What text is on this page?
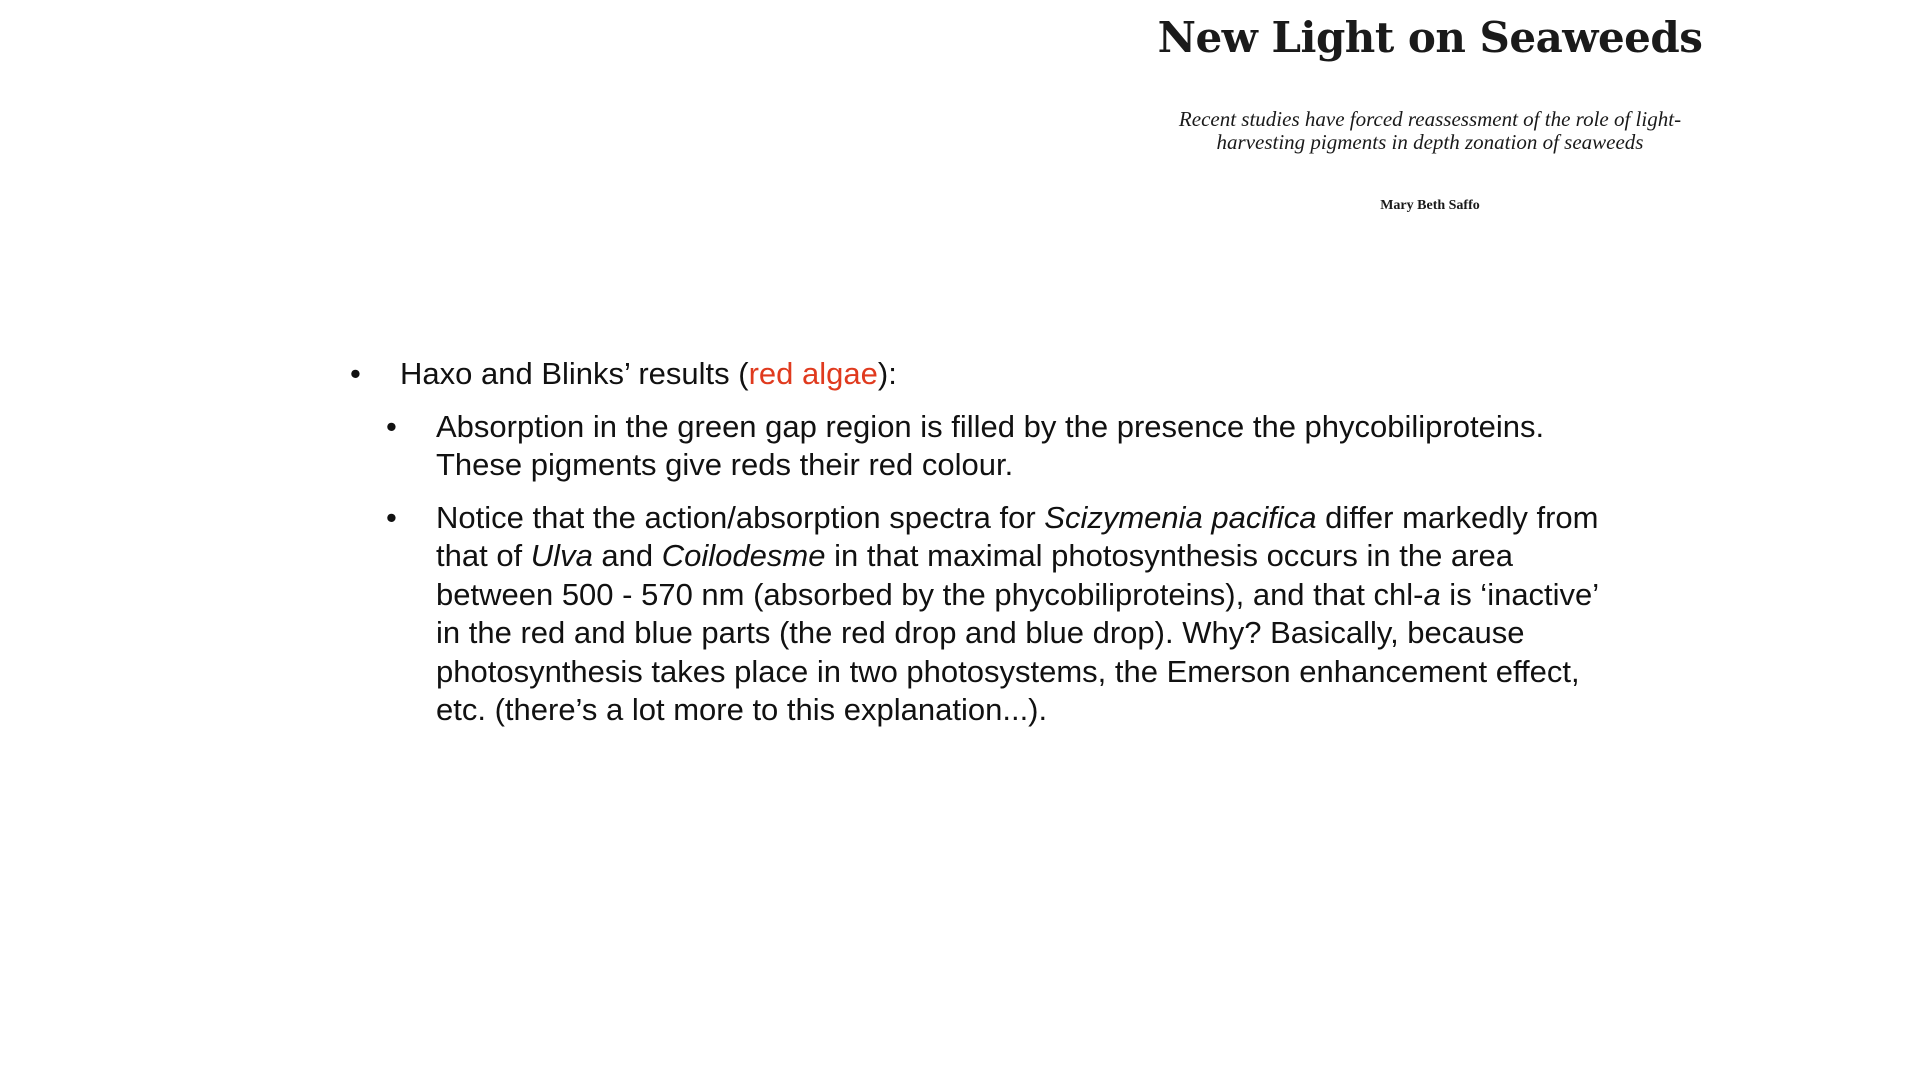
New Light on Seaweeds
Recent studies have forced reassessment of the role of light-harvesting pigments in depth zonation of seaweeds
Mary Beth Saffo
•	Haxo and Blinks’ results (red algae):
•	Absorption in the green gap region is filled by the presence the phycobiliproteins. These pigments give reds their red colour.
•	Notice that the action/absorption spectra for Scizymenia pacifica differ markedly from that of Ulva and Coilodesme in that maximal photosynthesis occurs in the area between 500 - 570 nm (absorbed by the phycobiliproteins), and that chl-a is ‘inactive’ in the red and blue parts (the red drop and blue drop). Why? Basically, because photosynthesis takes place in two photosystems, the Emerson enhancement effect, etc. (there’s a lot more to this explanation...).
